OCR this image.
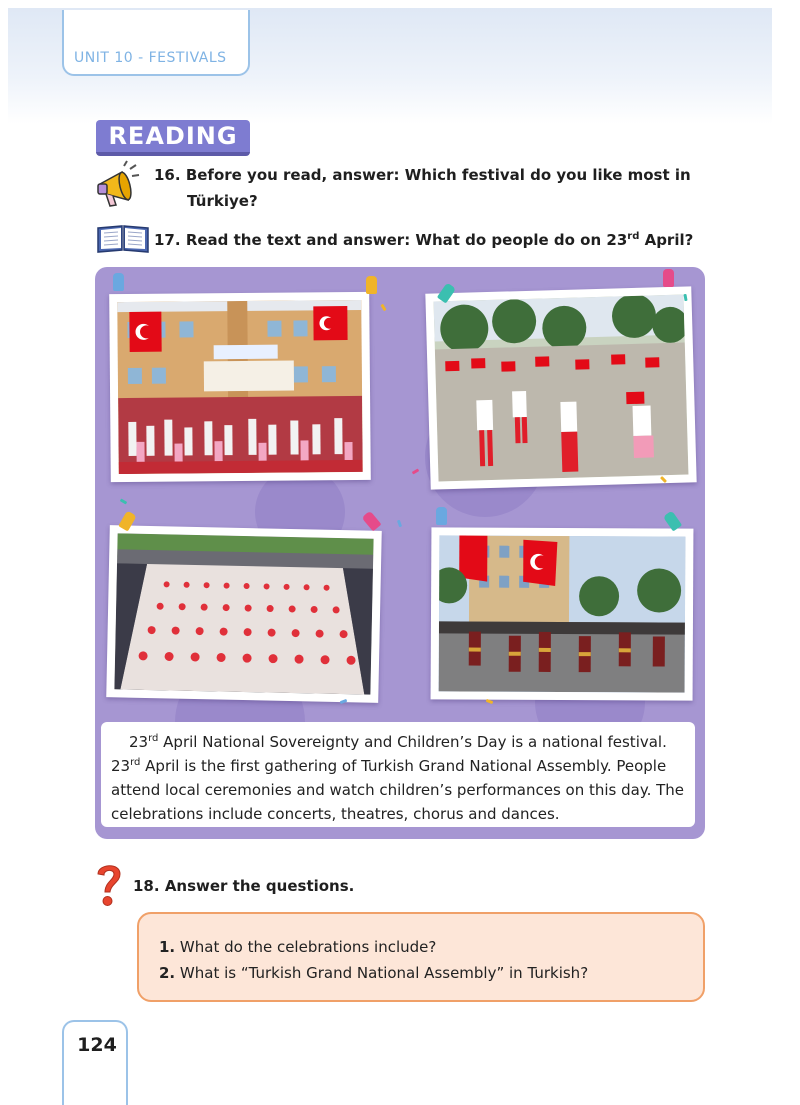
UNIT 10 - FESTIVALS
READING
16. Before you read, answer: Which festival do you like most in
Türkiye?
17. Read the text and answer: What do people do on 23rd April?

23rd April National Sovereignty and Children’s Day is a national festival.

23rd April is the first gathering of Turkish Grand National Assembly. People

attend local ceremonies and watch children’s performances on this day. The

celebrations include concerts, theatres, chorus and dances.

18. Answer the questions.
1. What do the celebrations include?
2. What is “Turkish Grand National Assembly” in Turkish?
124
